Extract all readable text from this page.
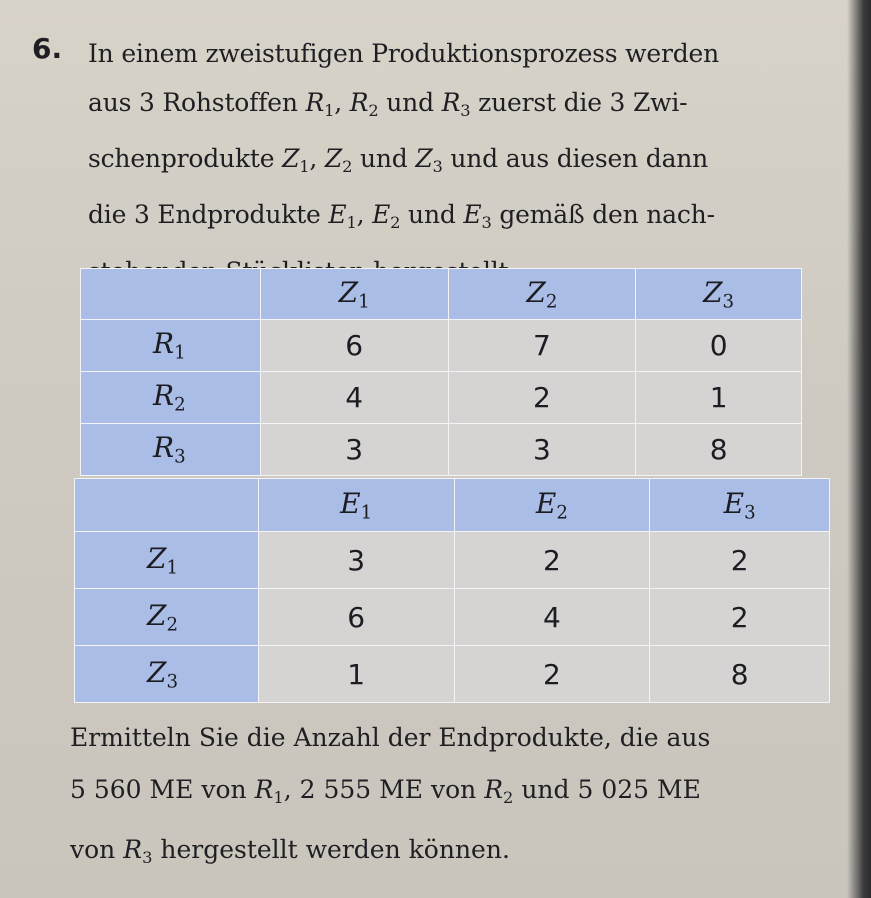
6. In einem zweistufigen Produktionsprozess werden
aus 3 Rohstoffen $R_1$, $R_2$ und $R_3$ zuerst die 3 Zwi-
schenprodukte $Z_1$, $Z_2$ und $Z_3$ und aus diesen dann
die 3 Endprodukte $E_1$, $E_2$ und $E_3$ gemäß den nach-
	$Z_1$	$Z_2$	$Z_3$
$R_1$	6	7	0
$R_2$	4	2	1
$R_3$	3	3	8
	$E_1$	$E_2$	$E_3$
$Z_1$	3	2	2
$Z_2$	6	4	2
$Z_3$	1	2	8
Ermitteln Sie die Anzahl der Endprodukte, die aus
5 560 ME von $R_1$, 2 555 ME von $R_2$ und 5 025 ME
von $R_3$ hergestellt werden können.
